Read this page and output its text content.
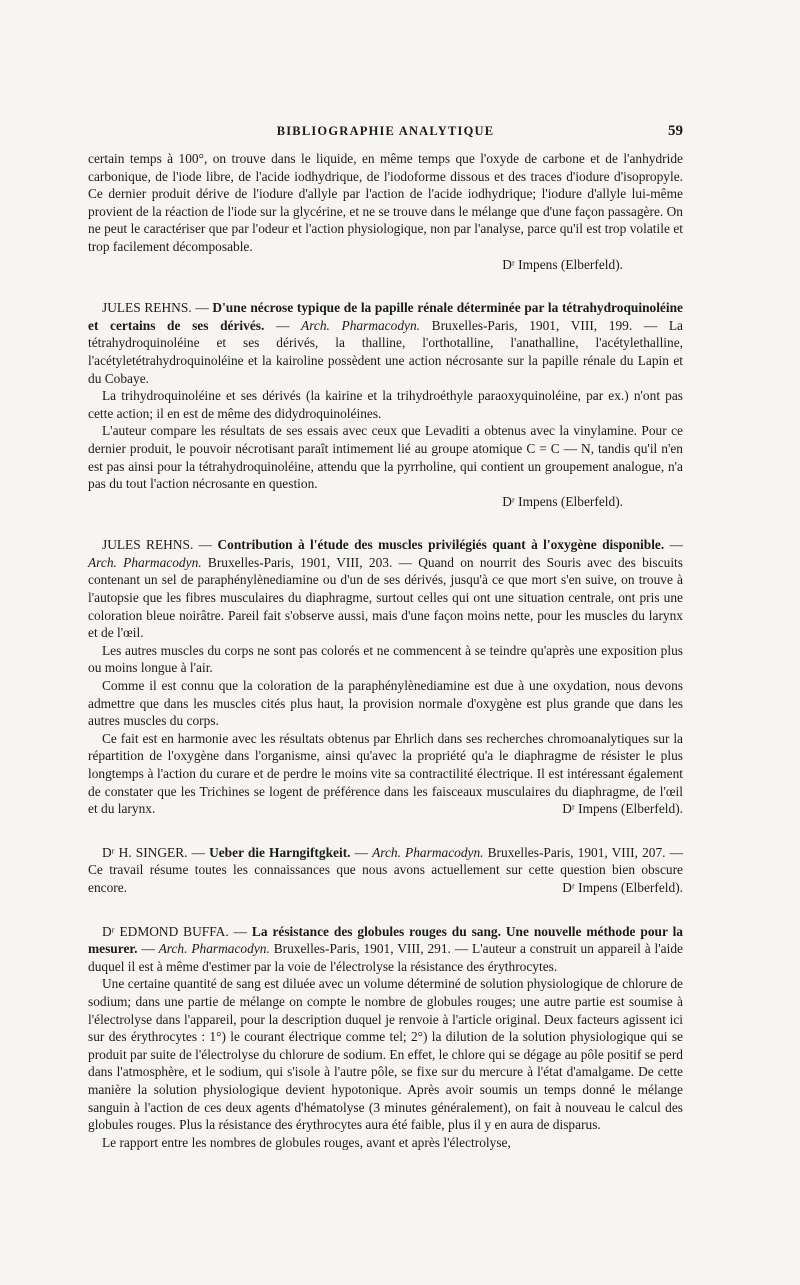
BIBLIOGRAPHIE ANALYTIQUE	59

certain temps à 100°, on trouve dans le liquide, en même temps que l'oxyde de carbone et de l'anhydride carbonique, de l'iode libre, de l'acide iodhydrique, de l'iodoforme dissous et des traces d'iodure d'isopropyle. Ce dernier produit dérive de l'iodure d'allyle par l'action de l'acide iodhydrique; l'iodure d'allyle lui-même provient de la réaction de l'iode sur la glycérine, et ne se trouve dans le mélange que d'une façon passagère. On ne peut le caractériser que par l'odeur et l'action physiologique, non par l'analyse, parce qu'il est trop volatile et trop facilement décomposable.

Dʳ Impens (Elberfeld).

JULES REHNS. — D'une nécrose typique de la papille rénale déterminée par la tétrahydroquinoléine et certains de ses dérivés. — Arch. Pharmacodyn. Bruxelles-Paris, 1901, VIII, 199. — La tétrahydroquinoléine et ses dérivés, la thalline, l'orthotalline, l'anathalline, l'acétylethalline, l'acétyletétrahydroquinoléine et la kairoline possèdent une action nécrosante sur la papille rénale du Lapin et du Cobaye.

La trihydroquinoléine et ses dérivés (la kairine et la trihydroéthyle paraoxyquinoléine, par ex.) n'ont pas cette action; il en est de même des didydroquinoléines.

L'auteur compare les résultats de ses essais avec ceux que Levaditi a obtenus avec la vinylamine. Pour ce dernier produit, le pouvoir nécrotisant paraît intimement lié au groupe atomique C = C — N, tandis qu'il n'en est pas ainsi pour la tétrahydroquinoléine, attendu que la pyrrholine, qui contient un groupement analogue, n'a pas du tout l'action nécrosante en question.

Dʳ Impens (Elberfeld).

JULES REHNS. — Contribution à l'étude des muscles privilégiés quant à l'oxygène disponible. — Arch. Pharmacodyn. Bruxelles-Paris, 1901, VIII, 203. — Quand on nourrit des Souris avec des biscuits contenant un sel de paraphénylènediamine ou d'un de ses dérivés, jusqu'à ce que mort s'en suive, on trouve à l'autopsie que les fibres musculaires du diaphragme, surtout celles qui ont une situation centrale, ont pris une coloration bleue noirâtre. Pareil fait s'observe aussi, mais d'une façon moins nette, pour les muscles du larynx et de l'œil.

Les autres muscles du corps ne sont pas colorés et ne commencent à se teindre qu'après une exposition plus ou moins longue à l'air.

Comme il est connu que la coloration de la paraphénylènediamine est due à une oxydation, nous devons admettre que dans les muscles cités plus haut, la provision normale d'oxygène est plus grande que dans les autres muscles du corps.

Ce fait est en harmonie avec les résultats obtenus par Ehrlich dans ses recherches chromoanalytiques sur la répartition de l'oxygène dans l'organisme, ainsi qu'avec la propriété qu'a le diaphragme de résister le plus longtemps à l'action du curare et de perdre le moins vite sa contractilité électrique. Il est intéressant également de constater que les Trichines se logent de préférence dans les faisceaux musculaires du diaphragme, de l'œil et du larynx.	Dʳ Impens (Elberfeld).

Dʳ H. SINGER. — Ueber die Harngiftgkeit. — Arch. Pharmacodyn. Bruxelles-Paris, 1901, VIII, 207. — Ce travail résume toutes les connaissances que nous avons actuellement sur cette question bien obscure encore.	Dʳ Impens (Elberfeld).

Dʳ EDMOND BUFFA. — La résistance des globules rouges du sang. Une nouvelle méthode pour la mesurer. — Arch. Pharmacodyn. Bruxelles-Paris, 1901, VIII, 291. — L'auteur a construit un appareil à l'aide duquel il est à même d'estimer par la voie de l'électrolyse la résistance des érythrocytes.

Une certaine quantité de sang est diluée avec un volume déterminé de solution physiologique de chlorure de sodium; dans une partie de mélange on compte le nombre de globules rouges; une autre partie est soumise à l'électrolyse dans l'appareil, pour la description duquel je renvoie à l'article original. Deux facteurs agissent ici sur des érythrocytes : 1°) le courant électrique comme tel; 2°) la dilution de la solution physiologique qui se produit par suite de l'électrolyse du chlorure de sodium. En effet, le chlore qui se dégage au pôle positif se perd dans l'atmosphère, et le sodium, qui s'isole à l'autre pôle, se fixe sur du mercure à l'état d'amalgame. De cette manière la solution physiologique devient hypotonique. Après avoir soumis un temps donné le mélange sanguin à l'action de ces deux agents d'hématolyse (3 minutes généralement), on fait à nouveau le calcul des globules rouges. Plus la résistance des érythrocytes aura été faible, plus il y en aura de disparus.

Le rapport entre les nombres de globules rouges, avant et après l'électrolyse,
